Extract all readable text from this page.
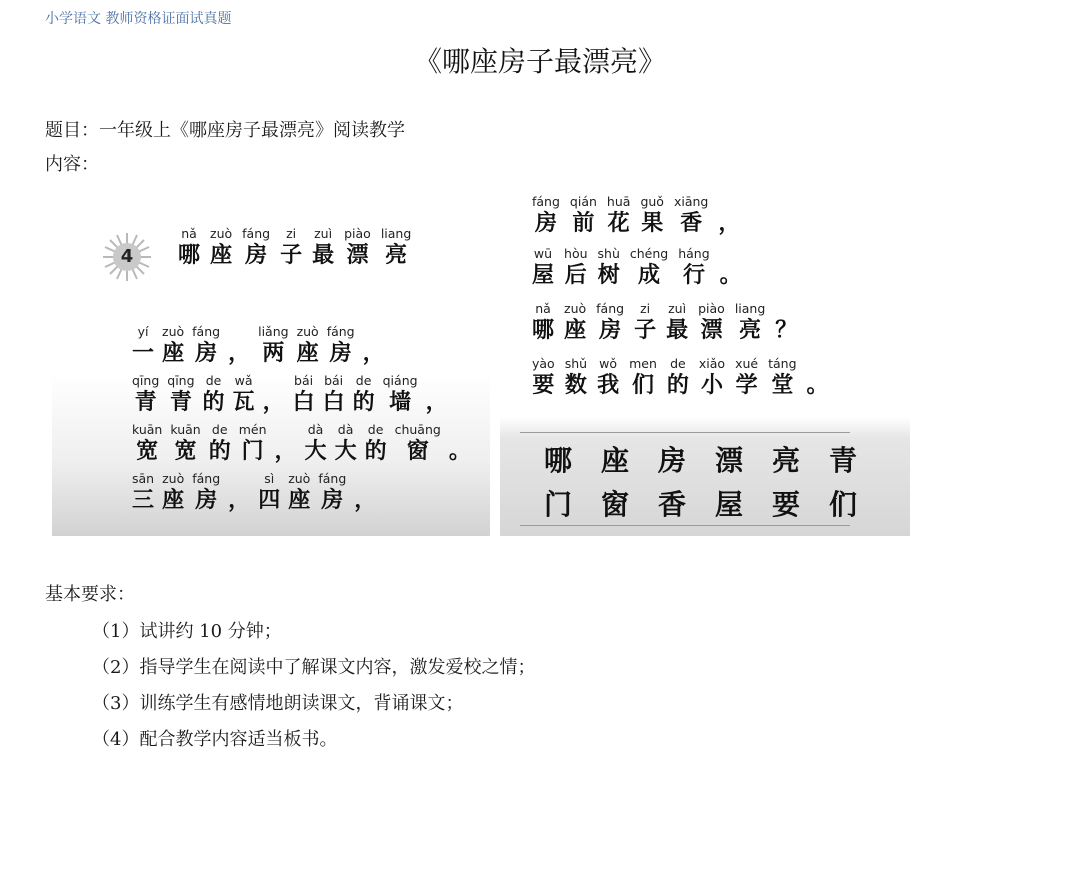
小学语文 教师资格证面试真题
《哪座房子最漂亮》
题目：一年级上《哪座房子最漂亮》阅读教学
内容：
4
nǎ
哪
zuò
座
fáng
房
zi
子
zuì
最
piào
漂
liang
亮
yí
一
zuò
座
fáng
房 ，
liǎng
两
zuò
座
fáng
房 ，
qīng
青
qīng
青
de
的
wǎ
瓦 ，
bái
白
bái
白
de
的
qiáng
墙 ，
kuān
宽
kuān
宽
de
的
mén
门 ，
dà
大
dà
大
de
的
chuāng
窗 。
sān
三
zuò
座
fáng
房 ，
sì
四
zuò
座
fáng
房 ，
fáng
房
qián
前
huā
花
guǒ
果
xiāng
香 ，
wū
屋
hòu
后
shù
树
chéng
成
háng
行 。
nǎ
哪
zuò
座
fáng
房
zi
子
zuì
最
piào
漂
liang
亮 ？
yào
要
shǔ
数
wǒ
我
men
们
de
的
xiǎo
小
xué
学
táng
堂 。
哪 座 房 漂 亮 青
门 窗 香 屋 要 们
基本要求：
（1）试讲约 10 分钟；
（2）指导学生在阅读中了解课文内容，激发爱校之情；
（3）训练学生有感情地朗读课文，背诵课文；
（4）配合教学内容适当板书。
